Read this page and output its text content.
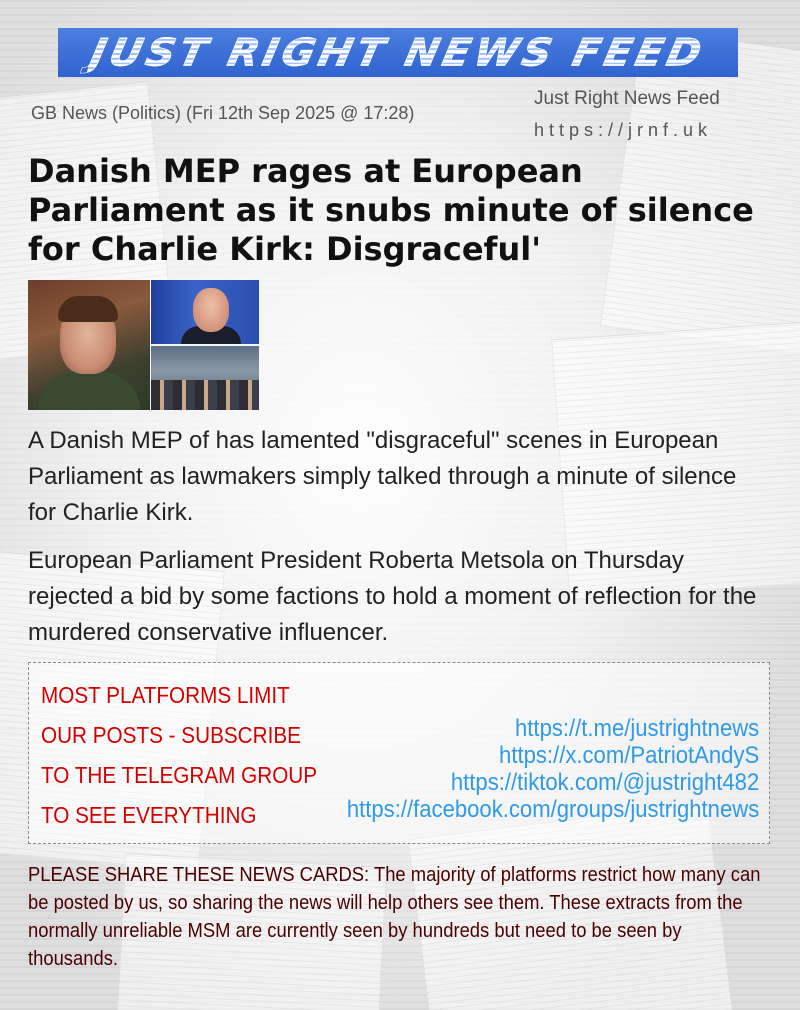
JUST RIGHT NEWS FEED
GB News (Politics) (Fri 12th Sep 2025 @ 17:28)
Just Right News Feed
https://jrnf.uk
Danish MEP rages at European Parliament as it snubs minute of silence for Charlie Kirk: Disgraceful'

A Danish MEP of has lamented "disgraceful" scenes in European Parliament as lawmakers simply talked through a minute of silence for Charlie Kirk.

European Parliament President Roberta Metsola on Thursday rejected a bid by some factions to hold a moment of reflection for the murdered conservative influencer.

MOST PLATFORMS LIMIT
OUR POSTS - SUBSCRIBE
TO THE TELEGRAM GROUP
TO SEE EVERYTHING
https://t.me/justrightnews
https://x.com/PatriotAndyS
https://tiktok.com/@justright482
https://facebook.com/groups/justrightnews
PLEASE SHARE THESE NEWS CARDS: The majority of platforms restrict how many can be posted by us, so sharing the news will help others see them. These extracts from the normally unreliable MSM are currently seen by hundreds but need to be seen by thousands.
